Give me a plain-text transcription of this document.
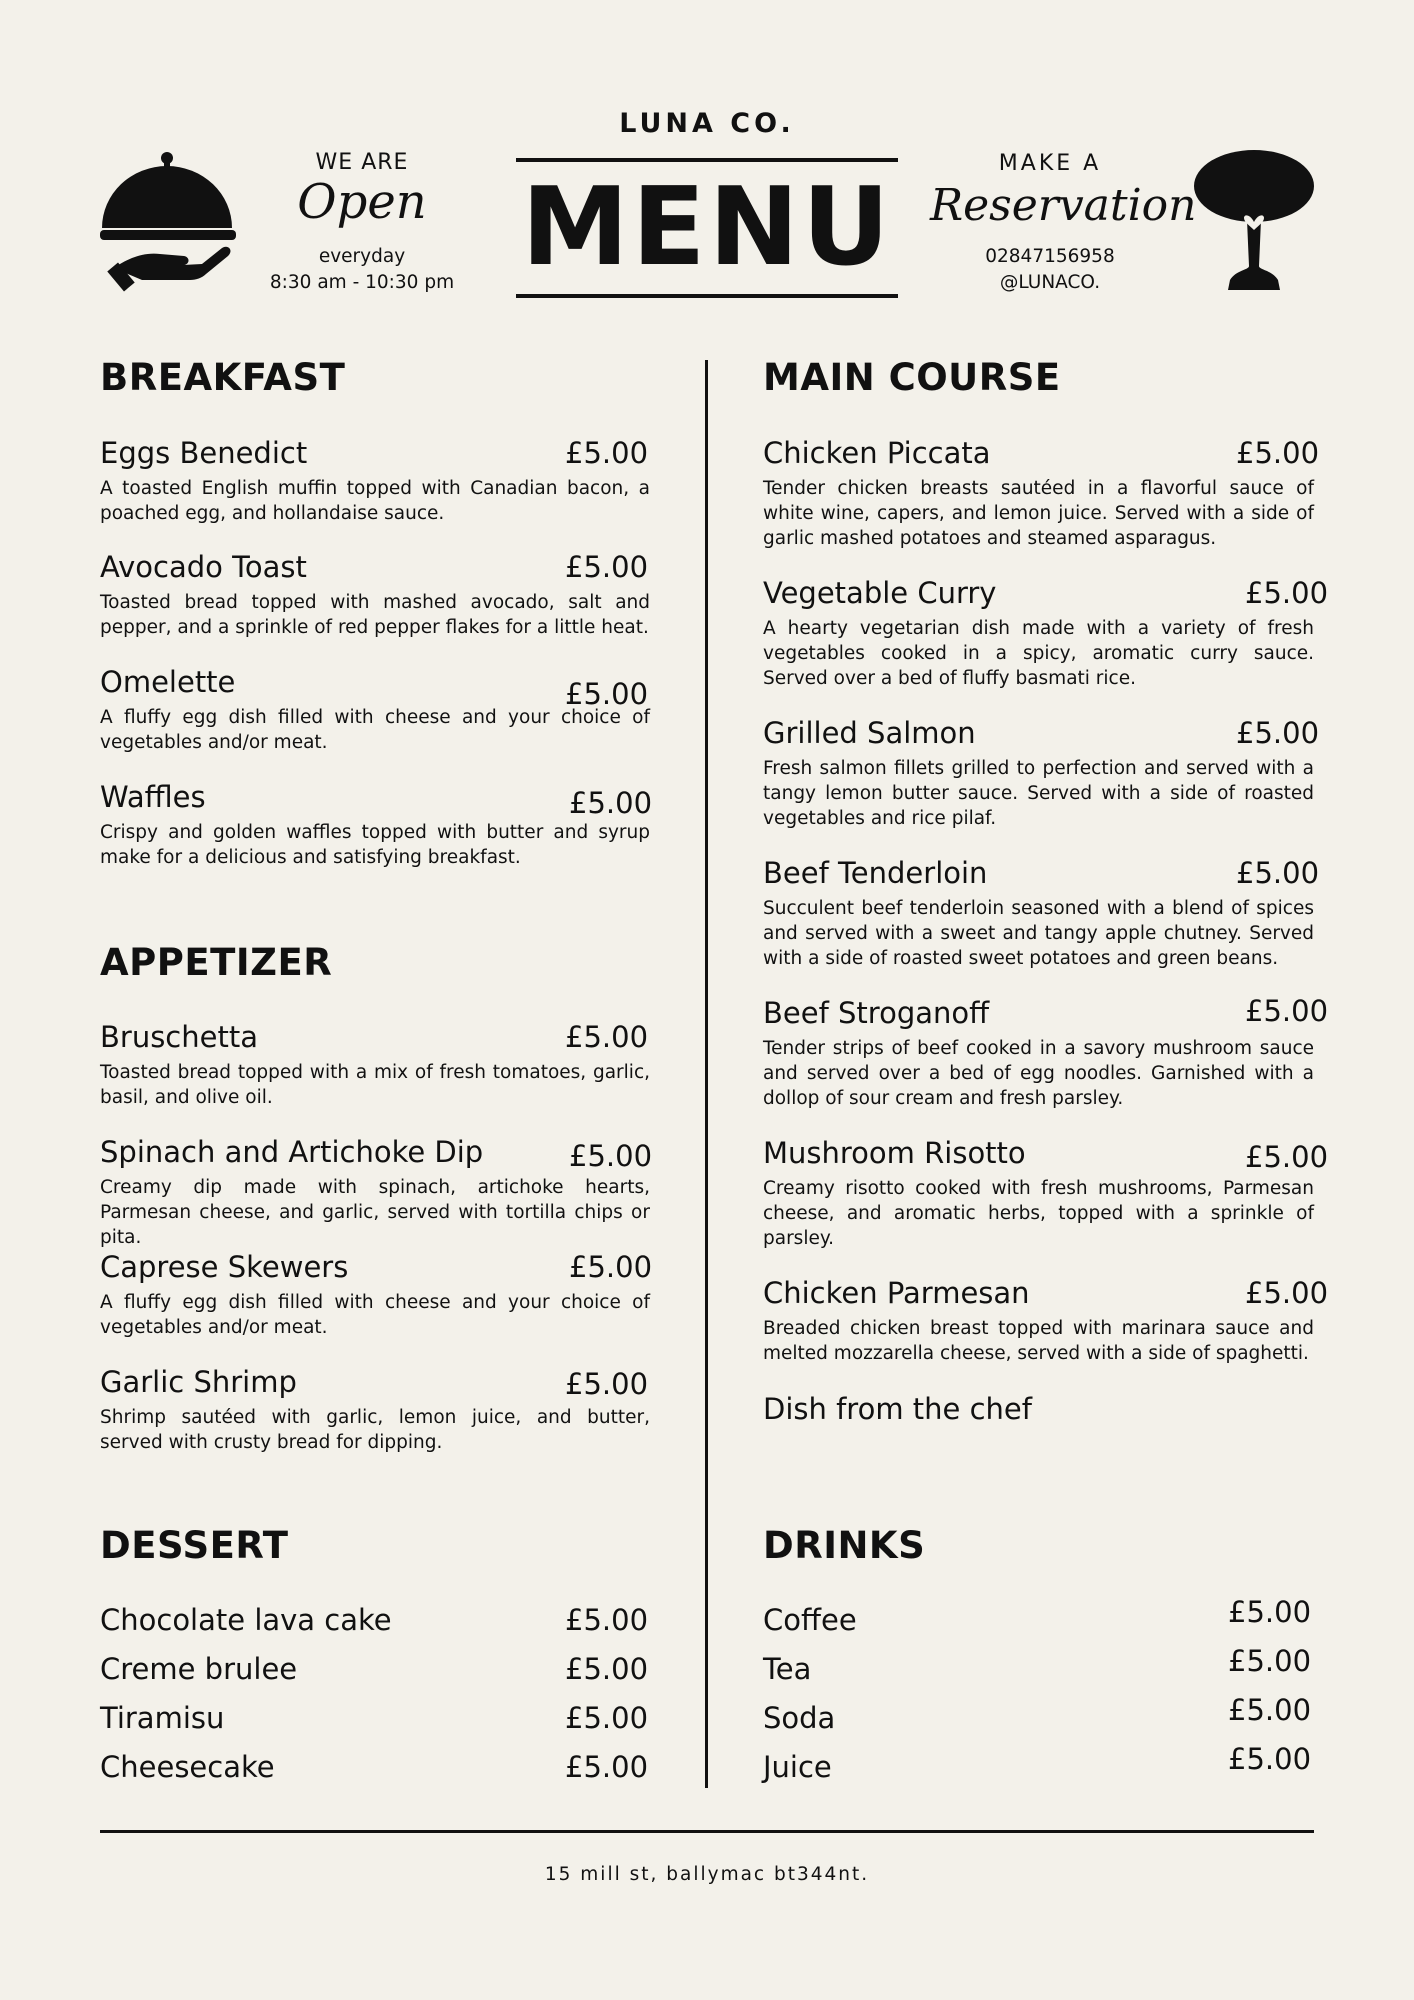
WE ARE
Open
everyday
8:30 am - 10:30 pm
LUNA CO.
MENU
MAKE A
Reservation
02847156958
@LUNACO.
BREAKFAST
Eggs Benedict	£5.00
A toasted English muffin topped with Canadian bacon, a poached egg, and hollandaise sauce.
Avocado Toast	£5.00
Toasted bread topped with mashed avocado, salt and pepper, and a sprinkle of red pepper flakes for a little heat.
Omelette	£5.00
A fluffy egg dish filled with cheese and your choice of vegetables and/or meat.
Waffles	£5.00
Crispy and golden waffles topped with butter and syrup make for a delicious and satisfying breakfast.
APPETIZER
Bruschetta	£5.00
Toasted bread topped with a mix of fresh tomatoes, garlic, basil, and olive oil.
Spinach and Artichoke Dip	£5.00
Creamy dip made with spinach, artichoke hearts, Parmesan cheese, and garlic, served with tortilla chips or pita.
Caprese Skewers	£5.00
A fluffy egg dish filled with cheese and your choice of vegetables and/or meat.
Garlic Shrimp	£5.00
Shrimp sautéed with garlic, lemon juice, and butter, served with crusty bread for dipping.
DESSERT
Chocolate lava cake	£5.00
Creme brulee	£5.00
Tiramisu	£5.00
Cheesecake	£5.00
MAIN COURSE
Chicken Piccata	£5.00
Tender chicken breasts sautéed in a flavorful sauce of white wine, capers, and lemon juice. Served with a side of garlic mashed potatoes and steamed asparagus.
Vegetable Curry	£5.00
A hearty vegetarian dish made with a variety of fresh vegetables cooked in a spicy, aromatic curry sauce. Served over a bed of fluffy basmati rice.
Grilled Salmon	£5.00
Fresh salmon fillets grilled to perfection and served with a tangy lemon butter sauce. Served with a side of roasted vegetables and rice pilaf.
Beef Tenderloin	£5.00
Succulent beef tenderloin seasoned with a blend of spices and served with a sweet and tangy apple chutney. Served with a side of roasted sweet potatoes and green beans.
Beef Stroganoff	£5.00
Tender strips of beef cooked in a savory mushroom sauce and served over a bed of egg noodles. Garnished with a dollop of sour cream and fresh parsley.
Mushroom Risotto	£5.00
Creamy risotto cooked with fresh mushrooms, Parmesan cheese, and aromatic herbs, topped with a sprinkle of parsley.
Chicken Parmesan	£5.00
Breaded chicken breast topped with marinara sauce and melted mozzarella cheese, served with a side of spaghetti.
Dish from the chef
DRINKS
Coffee	£5.00
Tea	£5.00
Soda	£5.00
Juice	£5.00
15 mill st, ballymac bt344nt.
